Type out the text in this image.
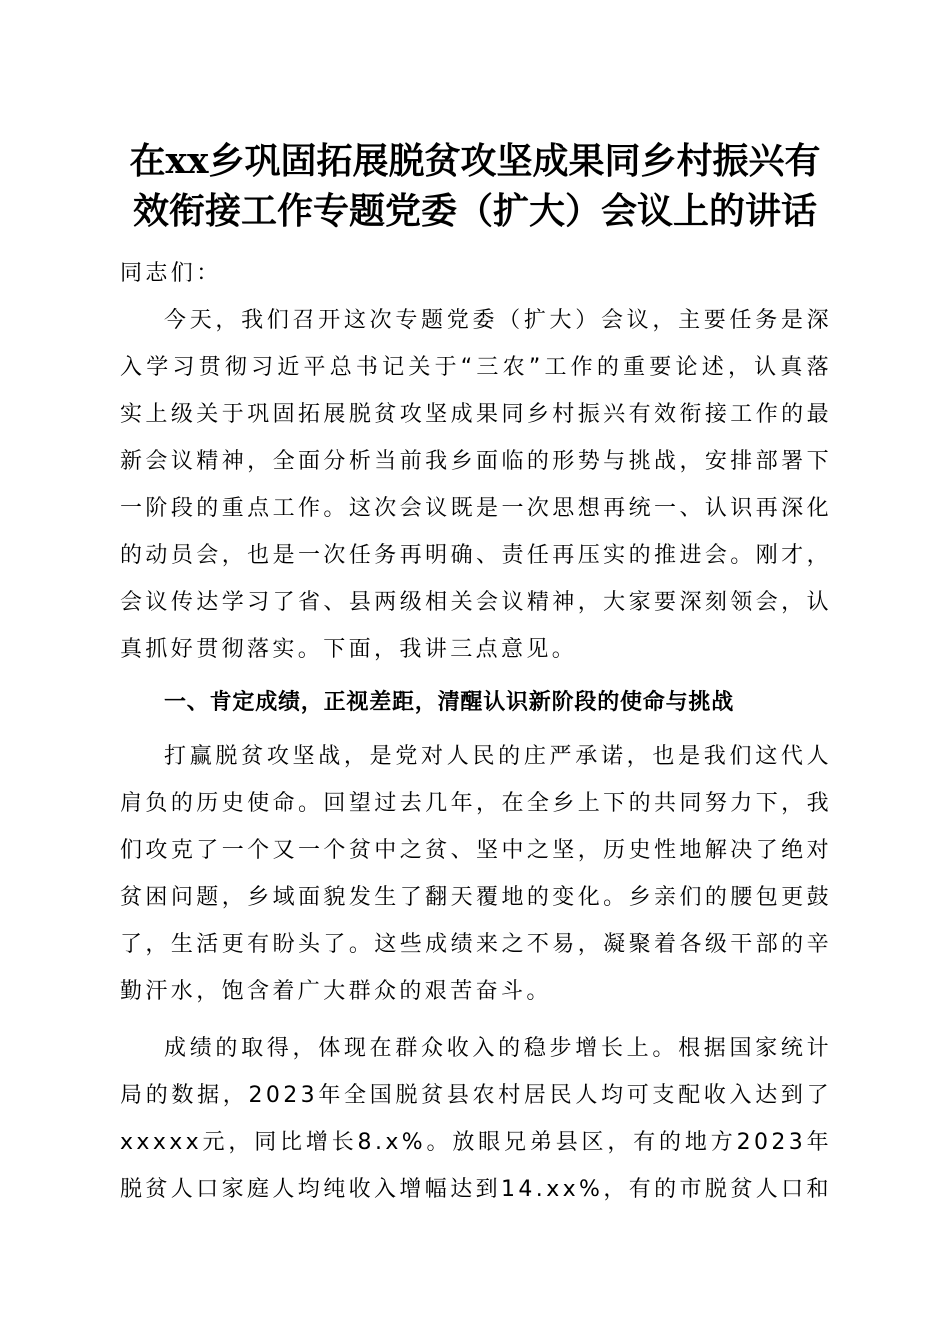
在xx乡巩固拓展脱贫攻坚成果同乡村振兴有
效衔接工作专题党委（扩大）会议上的讲话

同志们：

今天，我们召开这次专题党委（扩大）会议，主要任务是深入学习贯彻习近平总书记关于“三农”工作的重要论述，认真落实上级关于巩固拓展脱贫攻坚成果同乡村振兴有效衔接工作的最新会议精神，全面分析当前我乡面临的形势与挑战，安排部署下一阶段的重点工作。这次会议既是一次思想再统一、认识再深化的动员会，也是一次任务再明确、责任再压实的推进会。刚才，会议传达学习了省、县两级相关会议精神，大家要深刻领会，认真抓好贯彻落实。下面，我讲三点意见。

一、肯定成绩，正视差距，清醒认识新阶段的使命与挑战

打赢脱贫攻坚战，是党对人民的庄严承诺，也是我们这代人肩负的历史使命。回望过去几年，在全乡上下的共同努力下，我们攻克了一个又一个贫中之贫、坚中之坚，历史性地解决了绝对贫困问题，乡域面貌发生了翻天覆地的变化。乡亲们的腰包更鼓了，生活更有盼头了。这些成绩来之不易，凝聚着各级干部的辛勤汗水，饱含着广大群众的艰苦奋斗。

成绩的取得，体现在群众收入的稳步增长上。根据国家统计局的数据，2023年全国脱贫县农村居民人均可支配收入达到了xxxxx元，同比增长8.x%。放眼兄弟县区，有的地方2023年脱贫人口家庭人均纯收入增幅达到14.xx%，有的市脱贫人口和
